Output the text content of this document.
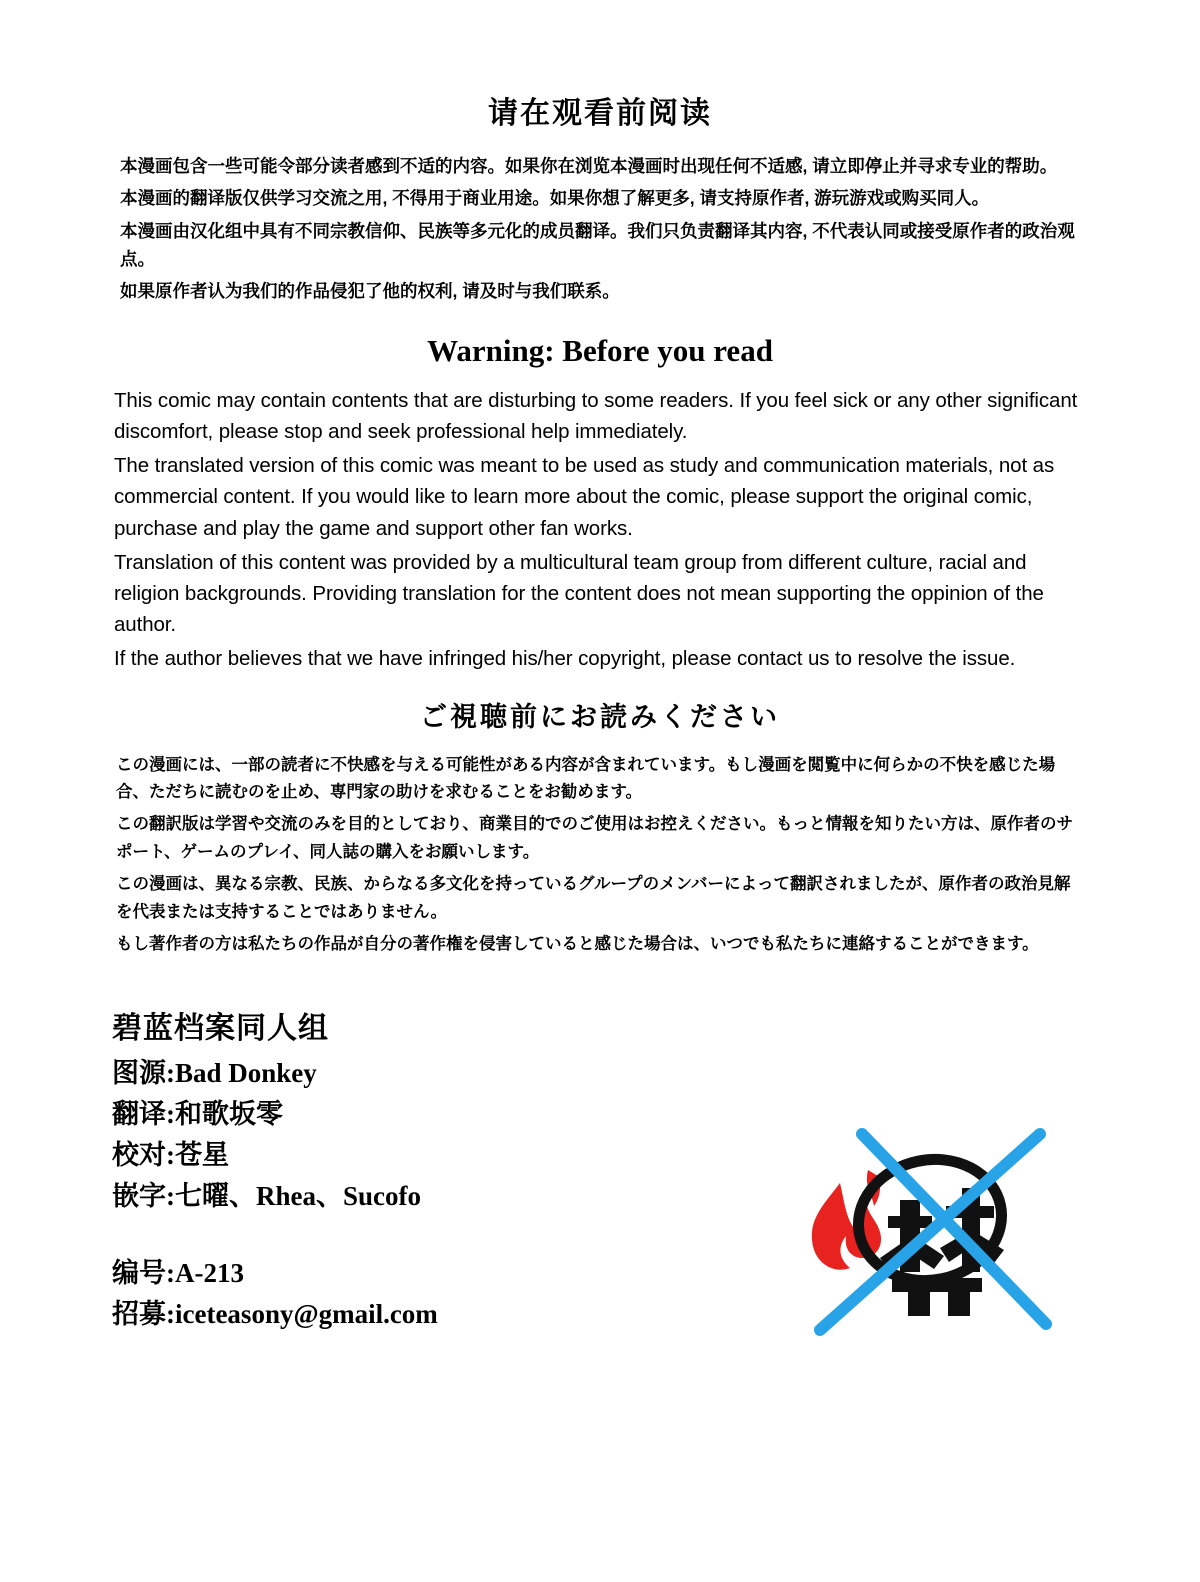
请在观看前阅读

本漫画包含一些可能令部分读者感到不适的内容。如果你在浏览本漫画时出现任何不适感, 请立即停止并寻求专业的帮助。

本漫画的翻译版仅供学习交流之用, 不得用于商业用途。如果你想了解更多, 请支持原作者, 游玩游戏或购买同人。

本漫画由汉化组中具有不同宗教信仰、民族等多元化的成员翻译。我们只负责翻译其内容, 不代表认同或接受原作者的政治观点。

如果原作者认为我们的作品侵犯了他的权利, 请及时与我们联系。

Warning: Before you read

This comic may contain contents that are disturbing to some readers. If you feel sick or any other significant discomfort, please stop and seek professional help immediately.

The translated version of this comic was meant to be used as study and communication materials, not as commercial content. If you would like to learn more about the comic, please support the original comic, purchase and play the game and support other fan works.

Translation of this content was provided by a multicultural team group from different culture, racial and religion backgrounds. Providing translation for the content does not mean supporting the oppinion of the author.

If the author believes that we have infringed his/her copyright, please contact us to resolve the issue.

ご視聴前にお読みください

この漫画には、一部の読者に不快感を与える可能性がある内容が含まれています。もし漫画を閲覧中に何らかの不快を感じた場合、ただちに読むのを止め、専門家の助けを求むることをお勧めます。

この翻訳版は学習や交流のみを目的としており、商業目的でのご使用はお控えください。もっと情報を知りたい方は、原作者のサポート、ゲームのプレイ、同人誌の購入をお願いします。

この漫画は、異なる宗教、民族、からなる多文化を持っているグループのメンバーによって翻訳されましたが、原作者の政治見解を代表または支持することではありません。

もし著作者の方は私たちの作品が自分の著作権を侵害していると感じた場合は、いつでも私たちに連絡することができます。

碧蓝档案同人组
图源:Bad Donkey
翻译:和歌坂零
校对:苍星
嵌字:七曜、Rhea、Sucofo
编号:A-213
招募:iceteasony@gmail.com
